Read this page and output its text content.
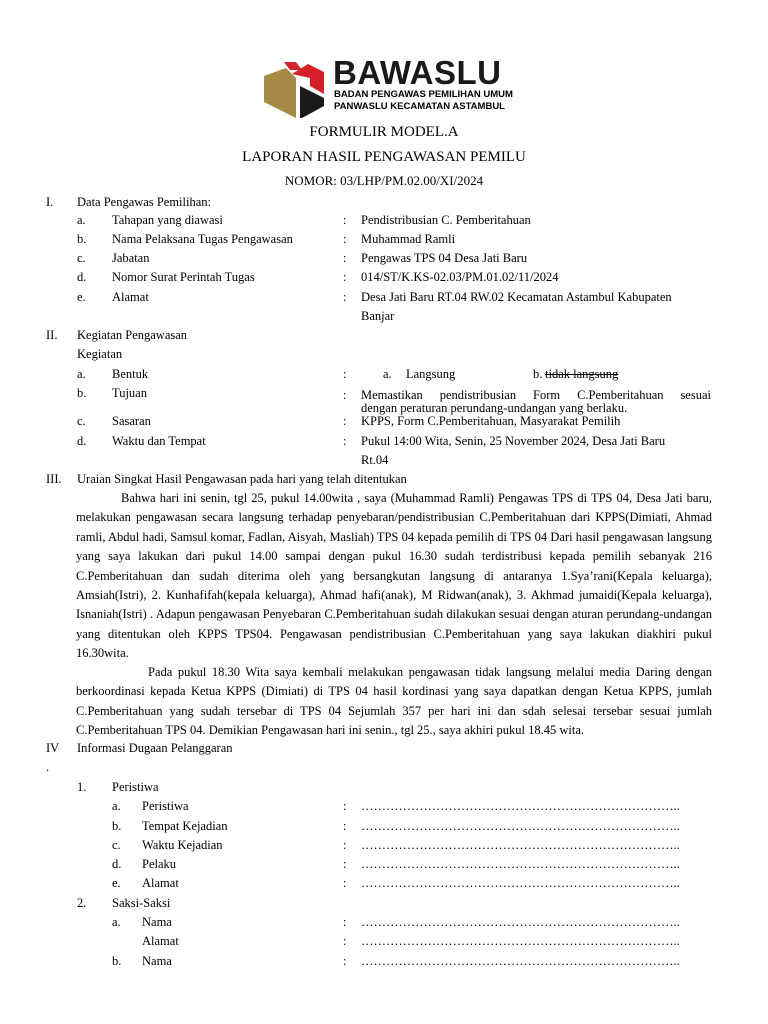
BAWASLU
BADAN PENGAWAS PEMILIHAN UMUM
PANWASLU KECAMATAN ASTAMBUL
FORMULIR MODEL.A
LAPORAN HASIL PENGAWASAN PEMILU
NOMOR: 03/LHP/PM.02.00/XI/2024
I. Data Pengawas Pemilihan:
a. Tahapan yang diawasi	: Pendistribusian C. Pemberitahuan
b. Nama Pelaksana Tugas Pengawasan	: Muhammad Ramli
c. Jabatan	: Pengawas TPS 04 Desa Jati Baru
d. Nomor Surat Perintah Tugas	: 014/ST/K.KS-02.03/PM.01.02/11/2024
e. Alamat	: Desa Jati Baru RT.04 RW.02 Kecamatan Astambul Kabupaten
Banjar
II. Kegiatan Pengawasan
Kegiatan
a. Bentuk	:	a. Langsung	b. tidak langsung
b. Tujuan	: Memastikan pendistribusian Form C.Pemberitahuan sesuai
dengan peraturan perundang-undangan yang berlaku.
c. Sasaran	: KPPS, Form C.Pemberitahuan, Masyarakat Pemilih
d. Waktu dan Tempat	: Pukul 14:00 Wita, Senin, 25 November 2024, Desa Jati Baru
Rt.04
III. Uraian Singkat Hasil Pengawasan pada hari yang telah ditentukan
Bahwa hari ini senin, tgl 25, pukul 14.00wita , saya (Muhammad Ramli) Pengawas TPS di TPS 04, Desa Jati baru, melakukan pengawasan secara langsung terhadap penyebaran/pendistribusian C.Pemberitahuan dari KPPS(Dimiati, Ahmad ramli, Abdul hadi, Samsul komar, Fadlan, Aisyah, Masliah) TPS 04 kepada pemilih di TPS 04 Dari hasil pengawasan langsung yang saya lakukan dari pukul 14.00 sampai dengan pukul 16.30 sudah terdistribusi kepada pemilih sebanyak 216 C.Pemberitahuan dan sudah diterima oleh yang bersangkutan langsung di antaranya 1.Sya’rani(Kepala keluarga), Amsiah(Istri), 2. Kunhafifah(kepala keluarga), Ahmad hafi(anak), M Ridwan(anak), 3. Akhmad jumaidi(Kepala keluarga), Isnaniah(Istri) . Adapun pengawasan Penyebaran C.Pemberitahuan sudah dilakukan sesuai dengan aturan perundang-undangan yang ditentukan oleh KPPS TPS04. Pengawasan pendistribusian C.Pemberitahuan yang saya lakukan diakhiri pukul 16.30wita.
Pada pukul 18.30 Wita saya kembali melakukan pengawasan tidak langsung melalui media Daring dengan berkoordinasi kepada Ketua KPPS (Dimiati) di TPS 04 hasil kordinasi yang saya dapatkan dengan Ketua KPPS, jumlah C.Pemberitahuan yang sudah tersebar di TPS 04 Sejumlah 357 per hari ini dan sdah selesai tersebar sesuai jumlah C.Pemberitahuan TPS 04. Demikian Pengawasan hari ini senin., tgl 25., saya akhiri pukul 18.45 wita.
IV
.
Informasi Dugaan Pelanggaran
1. Peristiwa
a. Peristiwa	: …………………………………………………………………..
b. Tempat Kejadian	: …………………………………………………………………..
c. Waktu Kejadian	: …………………………………………………………………..
d. Pelaku	: …………………………………………………………………..
e. Alamat	: …………………………………………………………………..
2. Saksi-Saksi
a. Nama	: …………………………………………………………………..
Alamat	: …………………………………………………………………..
b. Nama	: …………………………………………………………………..
